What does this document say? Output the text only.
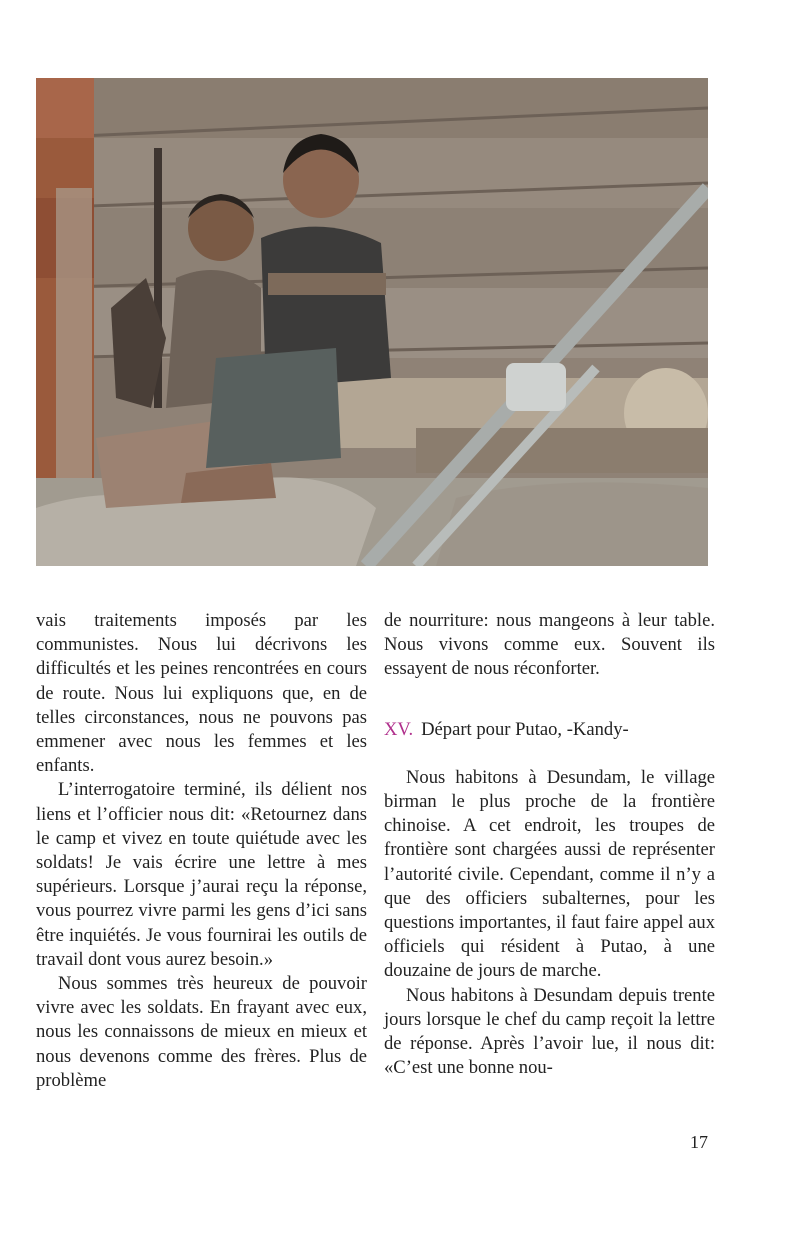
vais traitements imposés par les communistes. Nous lui décrivons les difficultés et les peines rencontrées en cours de route. Nous lui expliquons que, en de telles circonstances, nous ne pouvons pas emmener avec nous les femmes et les enfants.

L’interrogatoire terminé, ils délient nos liens et l’officier nous dit: «Retournez dans le camp et vivez en toute quiétude avec les soldats! Je vais écrire une lettre à mes supérieurs. Lorsque j’aurai reçu la réponse, vous pourrez vivre parmi les gens d’ici sans être inquiétés. Je vous fournirai les outils de travail dont vous aurez besoin.»

Nous sommes très heureux de pouvoir vivre avec les soldats. En frayant avec eux, nous les connaissons de mieux en mieux et nous devenons comme des frères. Plus de problème

de nourriture: nous mangeons à leur table. Nous vivons comme eux. Souvent ils essayent de nous réconforter.

XV. Départ pour Putao, -Kandy-

Nous habitons à Desundam, le village birman le plus proche de la frontière chinoise. A cet endroit, les troupes de frontière sont chargées aussi de représenter l’autorité civile. Cependant, comme il n’y a que des officiers subalternes, pour les questions importantes, il faut faire appel aux officiels qui résident à Putao, à une douzaine de jours de marche.

Nous habitons à Desundam depuis trente jours lorsque le chef du camp reçoit la lettre de réponse. Après l’avoir lue, il nous dit: «C’est une bonne nou-

17
